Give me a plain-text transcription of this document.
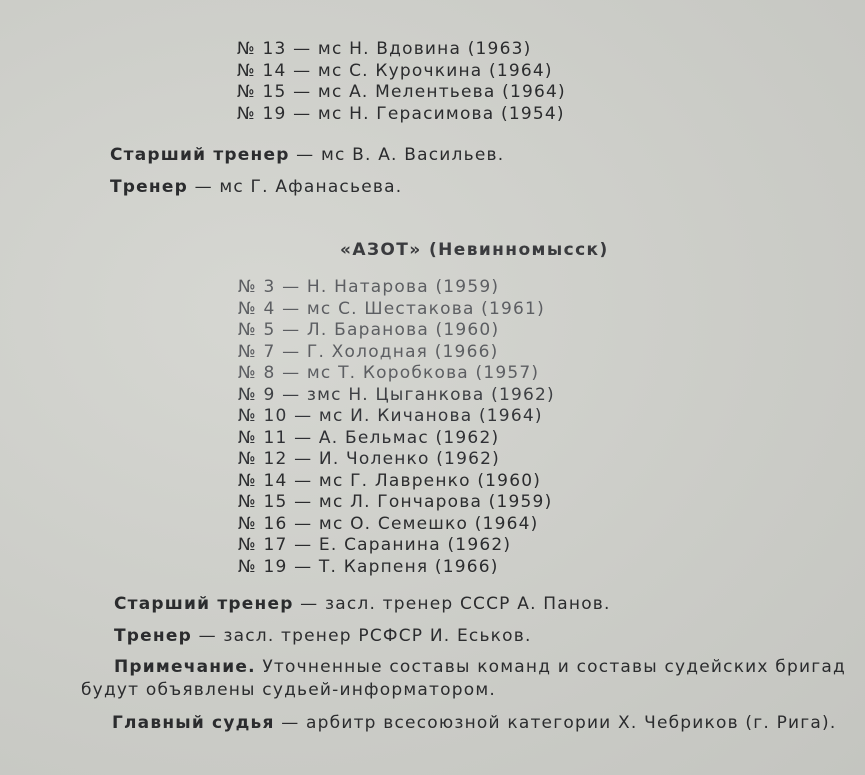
№ 13 — мс Н. Вдовина (1963)
№ 14 — мс С. Курочкина (1964)
№ 15 — мс А. Мелентьева (1964)
№ 19 — мс Н. Герасимова (1954)
Старший тренер — мс В. А. Васильев.
Тренер — мс Г. Афанасьева.
«АЗОТ» (Невинномысск)
№ 3 — Н. Натарова (1959)
№ 4 — мс С. Шестакова (1961)
№ 5 — Л. Баранова (1960)
№ 7 — Г. Холодная (1966)
№ 8 — мс Т. Коробкова (1957)
№ 9 — змс Н. Цыганкова (1962)
№ 10 — мс И. Кичанова (1964)
№ 11 — А. Бельмас (1962)
№ 12 — И. Чоленко (1962)
№ 14 — мс Г. Лавренко (1960)
№ 15 — мс Л. Гончарова (1959)
№ 16 — мс О. Семешко (1964)
№ 17 — Е. Саранина (1962)
№ 19 — Т. Карпеня (1966)
Старший тренер — засл. тренер СССР А. Панов.
Тренер — засл. тренер РСФСР И. Еськов.
Примечание. Уточненные составы команд и составы судейских бригад
будут объявлены судьей-информатором.
Главный судья — арбитр всесоюзной категории Х. Чебриков (г. Рига).
